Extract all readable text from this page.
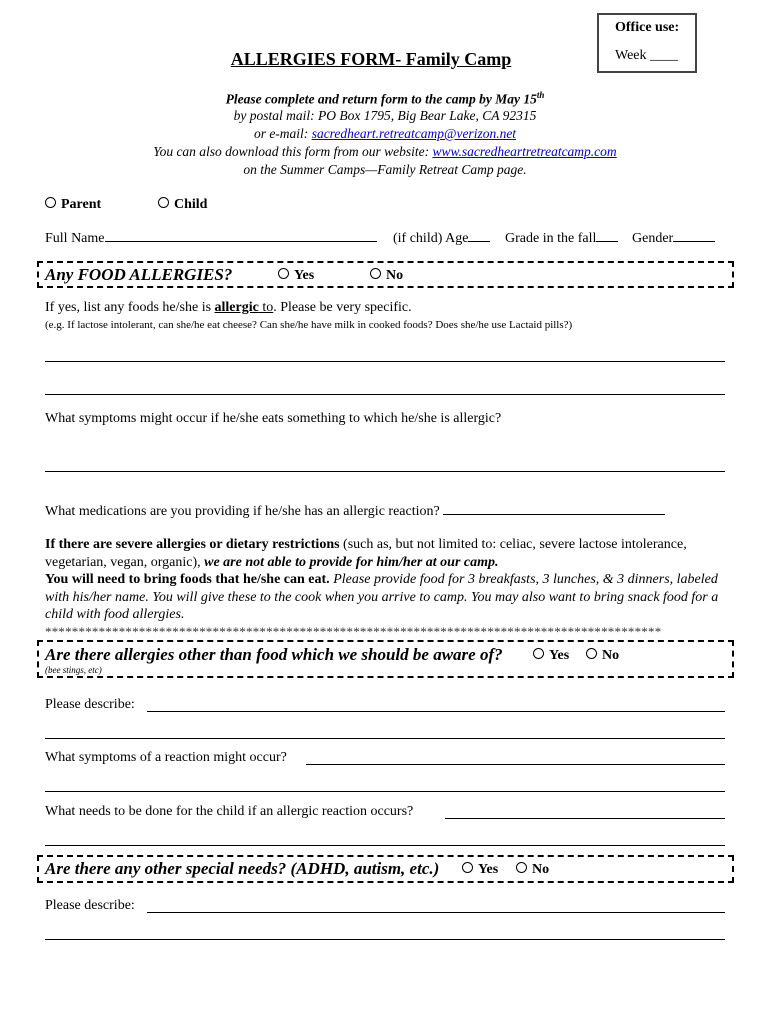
Office use:
Week ____
ALLERGIES FORM- Family Camp
Please complete and return form to the camp by May 15th
by postal mail: PO Box 1795, Big Bear Lake, CA 92315
or e-mail: sacredheart.retreatcamp@verizon.net
You can also download this form from our website: www.sacredheartretreatcamp.com
on the Summer Camps—Family Retreat Camp page.
Parent	Child
Full Name	(if child) Age	Grade in the fall	Gender
Any FOOD ALLERGIES?	Yes	No
If yes, list any foods he/she is allergic to. Please be very specific.
(e.g. If lactose intolerant, can she/he eat cheese? Can she/he have milk in cooked foods? Does she/he use Lactaid pills?)
What symptoms might occur if he/she eats something to which he/she is allergic?
What medications are you providing if he/she has an allergic reaction?
If there are severe allergies or dietary restrictions (such as, but not limited to: celiac, severe lactose intolerance, vegetarian, vegan, organic), we are not able to provide for him/her at our camp.
You will need to bring foods that he/she can eat. Please provide food for 3 breakfasts, 3 lunches, & 3 dinners, labeled with his/her name. You will give these to the cook when you arrive to camp. You may also want to bring snack food for a child with food allergies.
********************************************************************************************
Are there allergies other than food which we should be aware of?	Yes	No
(bee stings, etc)
Please describe:
What symptoms of a reaction might occur?
What needs to be done for the child if an allergic reaction occurs?
Are there any other special needs? (ADHD, autism, etc.)	Yes	No
Please describe:
